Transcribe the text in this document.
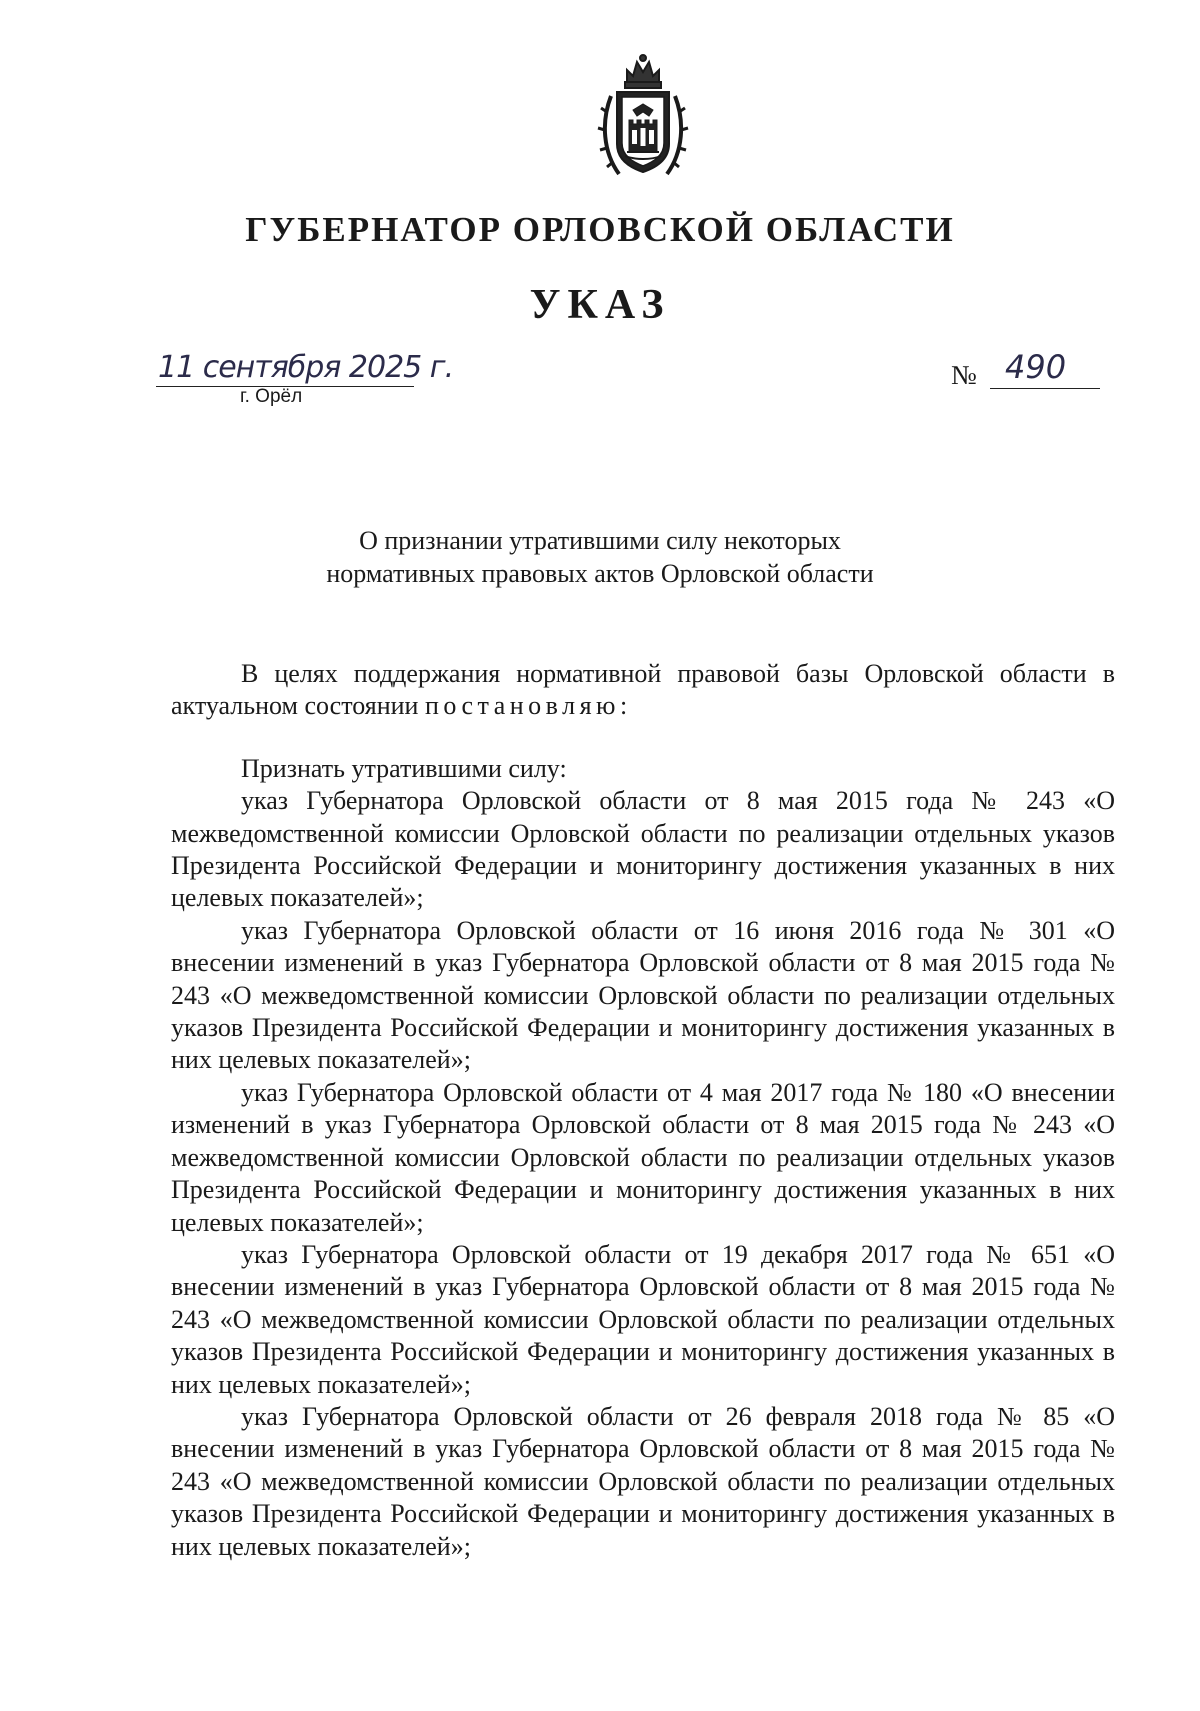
ГУБЕРНАТОР ОРЛОВСКОЙ ОБЛАСТИ
УКАЗ
11 сентября 2025 г.
г. Орёл
№ 490
О признании утратившими силу некоторых
нормативных правовых актов Орловской области

В целях поддержания нормативной правовой базы Орловской области в актуальном состоянии постановляю:

Признать утратившими силу:

указ Губернатора Орловской области от 8 мая 2015 года № 243 «О межведомственной комиссии Орловской области по реализации отдельных указов Президента Российской Федерации и мониторингу достижения указанных в них целевых показателей»;

указ Губернатора Орловской области от 16 июня 2016 года № 301 «О внесении изменений в указ Губернатора Орловской области от 8 мая 2015 года № 243 «О межведомственной комиссии Орловской области по реализации отдельных указов Президента Российской Федерации и мониторингу достижения указанных в них целевых показателей»;

указ Губернатора Орловской области от 4 мая 2017 года № 180 «О внесении изменений в указ Губернатора Орловской области от 8 мая 2015 года № 243 «О межведомственной комиссии Орловской области по реализации отдельных указов Президента Российской Федерации и мониторингу достижения указанных в них целевых показателей»;

указ Губернатора Орловской области от 19 декабря 2017 года № 651 «О внесении изменений в указ Губернатора Орловской области от 8 мая 2015 года № 243 «О межведомственной комиссии Орловской области по реализации отдельных указов Президента Российской Федерации и мониторингу достижения указанных в них целевых показателей»;

указ Губернатора Орловской области от 26 февраля 2018 года № 85 «О внесении изменений в указ Губернатора Орловской области от 8 мая 2015 года № 243 «О межведомственной комиссии Орловской области по реализации отдельных указов Президента Российской Федерации и мониторингу достижения указанных в них целевых показателей»;
